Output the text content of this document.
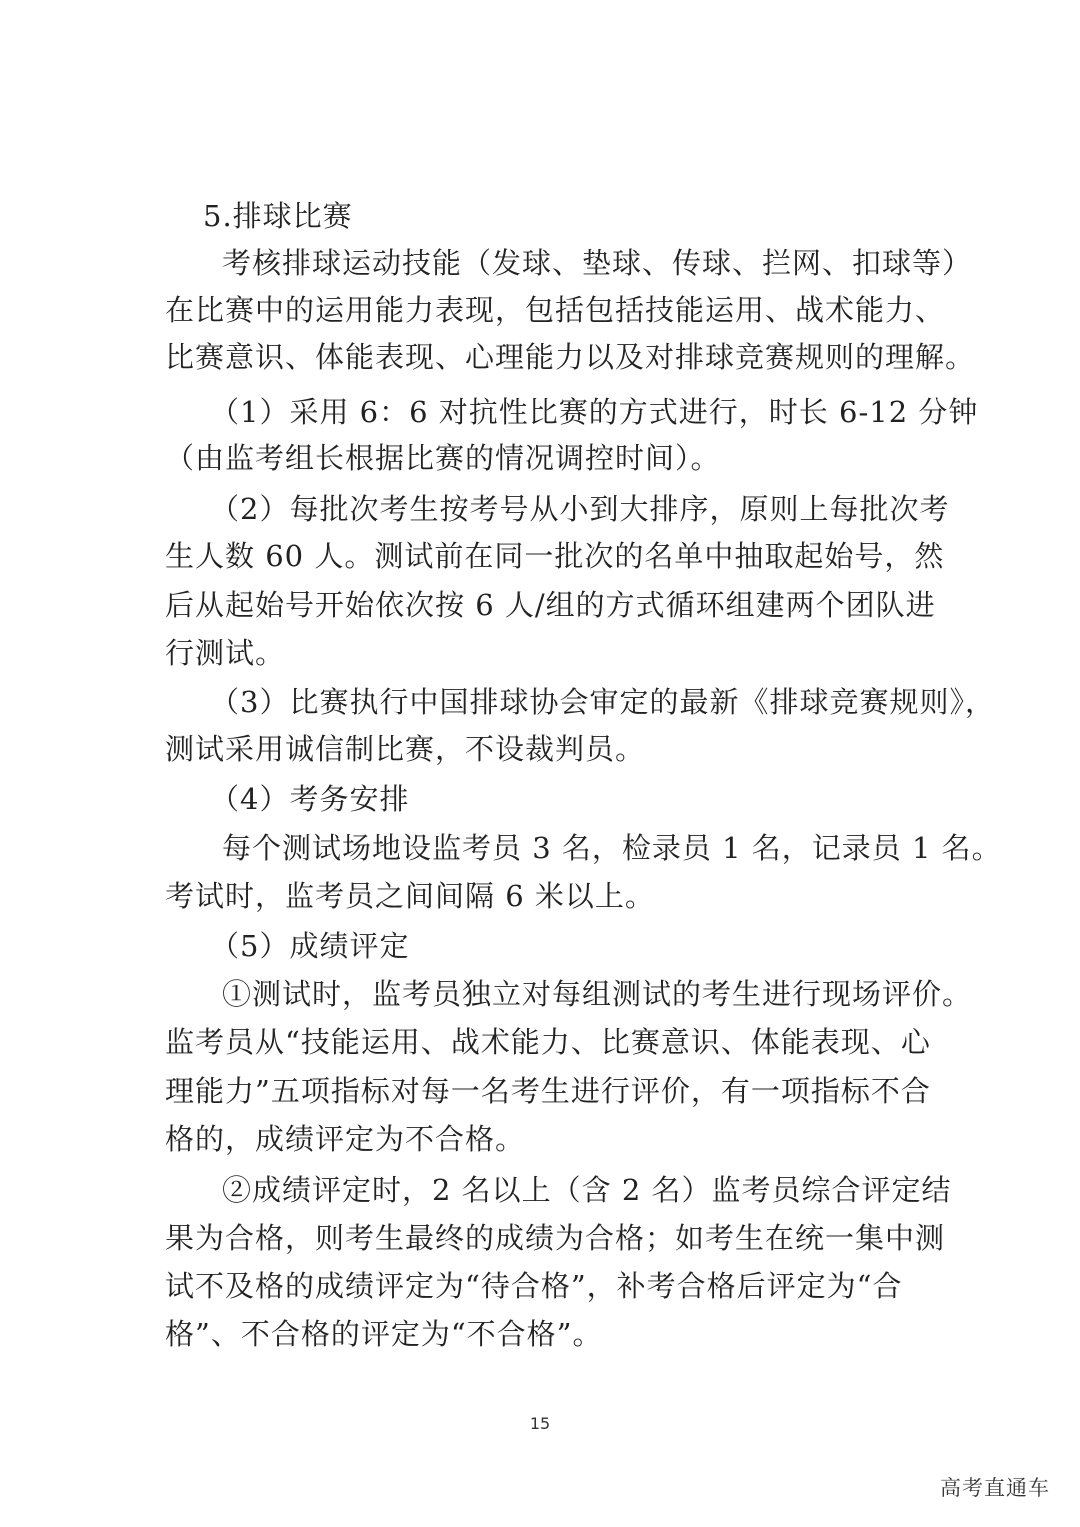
5.排球比赛
考核排球运动技能（发球、垫球、传球、拦网、扣球等）
在比赛中的运用能力表现，包括包括技能运用、战术能力、
比赛意识、体能表现、心理能力以及对排球竞赛规则的理解。
（1）采用 6：6 对抗性比赛的方式进行，时长 6-12 分钟
（由监考组长根据比赛的情况调控时间）。
（2）每批次考生按考号从小到大排序，原则上每批次考
生人数 60 人。测试前在同一批次的名单中抽取起始号，然
后从起始号开始依次按 6 人/组的方式循环组建两个团队进
行测试。
（3）比赛执行中国排球协会审定的最新《排球竞赛规则》，
测试采用诚信制比赛，不设裁判员。
（4）考务安排
每个测试场地设监考员 3 名，检录员 1 名，记录员 1 名。
考试时，监考员之间间隔 6 米以上。
（5）成绩评定
①测试时，监考员独立对每组测试的考生进行现场评价。
监考员从“技能运用、战术能力、比赛意识、体能表现、心
理能力”五项指标对每一名考生进行评价，有一项指标不合
格的，成绩评定为不合格。
②成绩评定时，2 名以上（含 2 名）监考员综合评定结
果为合格，则考生最终的成绩为合格；如考生在统一集中测
试不及格的成绩评定为“待合格”，补考合格后评定为“合
格”、不合格的评定为“不合格”。
15
高考直通车
